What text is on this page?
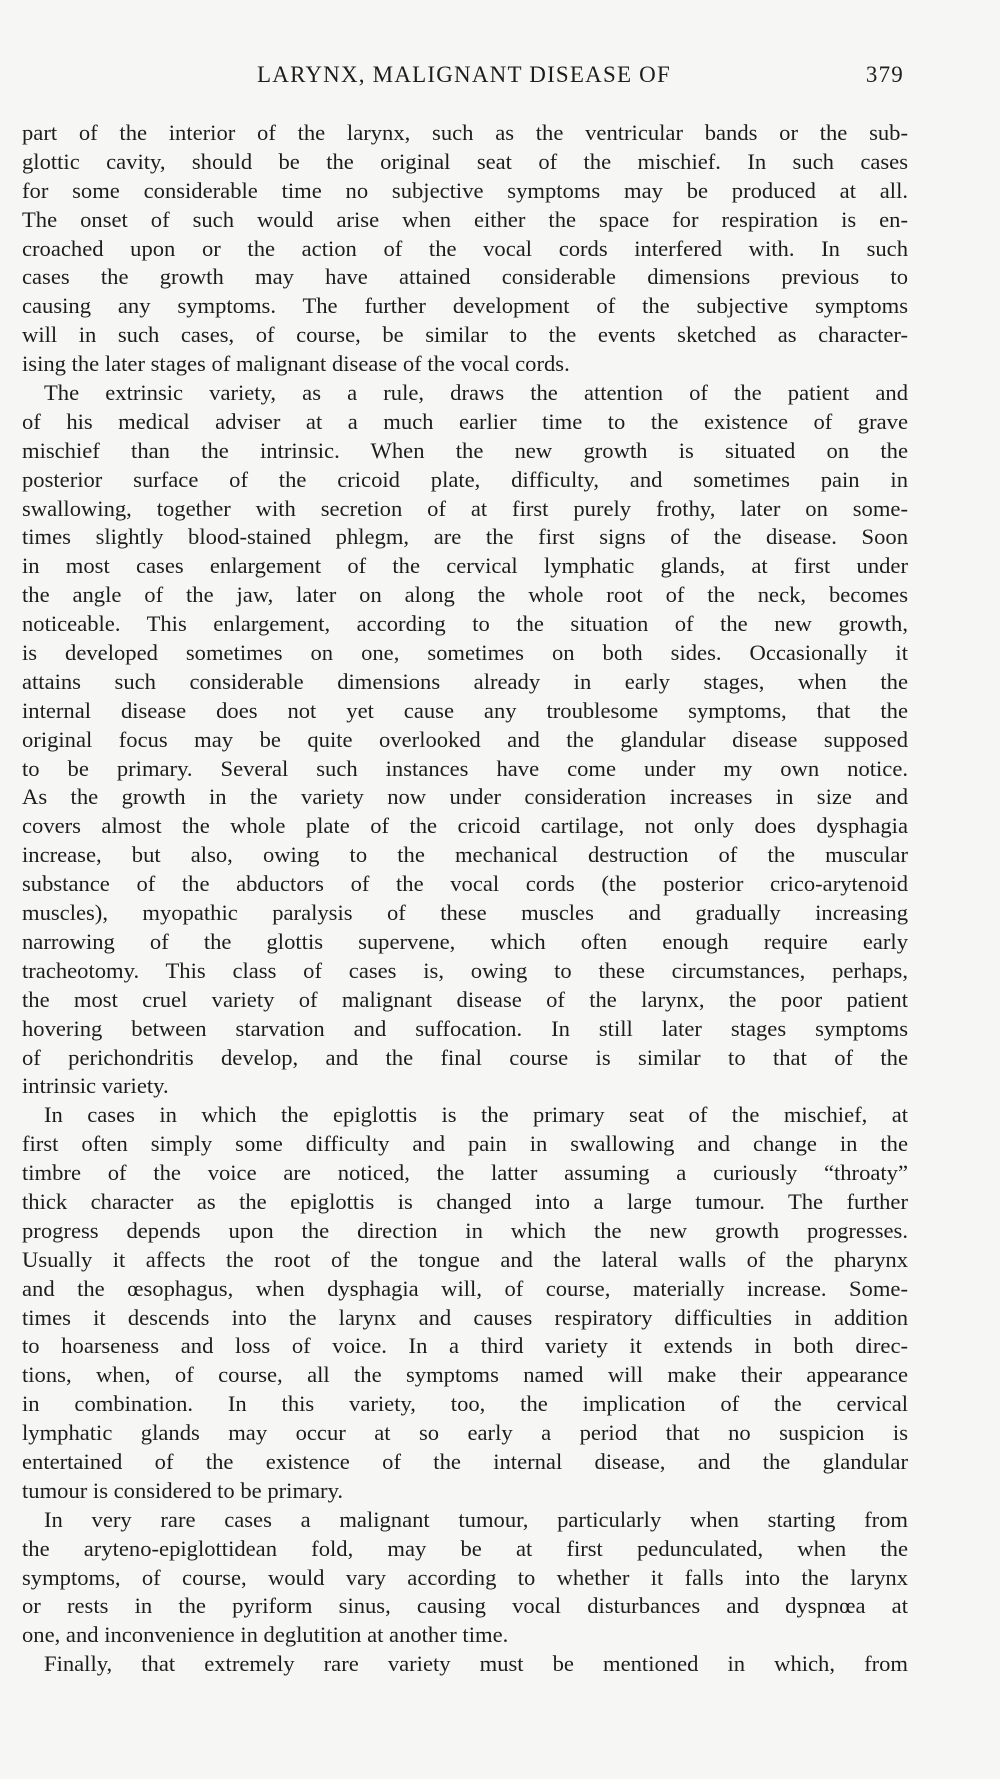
LARYNX, MALIGNANT DISEASE OF	379
part of the interior of the larynx, such as the ventricular bands or the sub-
glottic cavity, should be the original seat of the mischief. In such cases
for some considerable time no subjective symptoms may be produced at all.
The onset of such would arise when either the space for respiration is en-
croached upon or the action of the vocal cords interfered with. In such
cases the growth may have attained considerable dimensions previous to
causing any symptoms. The further development of the subjective symptoms
will in such cases, of course, be similar to the events sketched as character-
ising the later stages of malignant disease of the vocal cords.
The extrinsic variety, as a rule, draws the attention of the patient and
of his medical adviser at a much earlier time to the existence of grave
mischief than the intrinsic. When the new growth is situated on the
posterior surface of the cricoid plate, difficulty, and sometimes pain in
swallowing, together with secretion of at first purely frothy, later on some-
times slightly blood-stained phlegm, are the first signs of the disease. Soon
in most cases enlargement of the cervical lymphatic glands, at first under
the angle of the jaw, later on along the whole root of the neck, becomes
noticeable. This enlargement, according to the situation of the new growth,
is developed sometimes on one, sometimes on both sides. Occasionally it
attains such considerable dimensions already in early stages, when the
internal disease does not yet cause any troublesome symptoms, that the
original focus may be quite overlooked and the glandular disease supposed
to be primary. Several such instances have come under my own notice.
As the growth in the variety now under consideration increases in size and
covers almost the whole plate of the cricoid cartilage, not only does dysphagia
increase, but also, owing to the mechanical destruction of the muscular
substance of the abductors of the vocal cords (the posterior crico-arytenoid
muscles), myopathic paralysis of these muscles and gradually increasing
narrowing of the glottis supervene, which often enough require early
tracheotomy. This class of cases is, owing to these circumstances, perhaps,
the most cruel variety of malignant disease of the larynx, the poor patient
hovering between starvation and suffocation. In still later stages symptoms
of perichondritis develop, and the final course is similar to that of the
intrinsic variety.
In cases in which the epiglottis is the primary seat of the mischief, at
first often simply some difficulty and pain in swallowing and change in the
timbre of the voice are noticed, the latter assuming a curiously “throaty”
thick character as the epiglottis is changed into a large tumour. The further
progress depends upon the direction in which the new growth progresses.
Usually it affects the root of the tongue and the lateral walls of the pharynx
and the œsophagus, when dysphagia will, of course, materially increase. Some-
times it descends into the larynx and causes respiratory difficulties in addition
to hoarseness and loss of voice. In a third variety it extends in both direc-
tions, when, of course, all the symptoms named will make their appearance
in combination. In this variety, too, the implication of the cervical
lymphatic glands may occur at so early a period that no suspicion is
entertained of the existence of the internal disease, and the glandular
tumour is considered to be primary.
In very rare cases a malignant tumour, particularly when starting from
the aryteno-epiglottidean fold, may be at first pedunculated, when the
symptoms, of course, would vary according to whether it falls into the larynx
or rests in the pyriform sinus, causing vocal disturbances and dyspnœa at
one, and inconvenience in deglutition at another time.
Finally, that extremely rare variety must be mentioned in which, from
